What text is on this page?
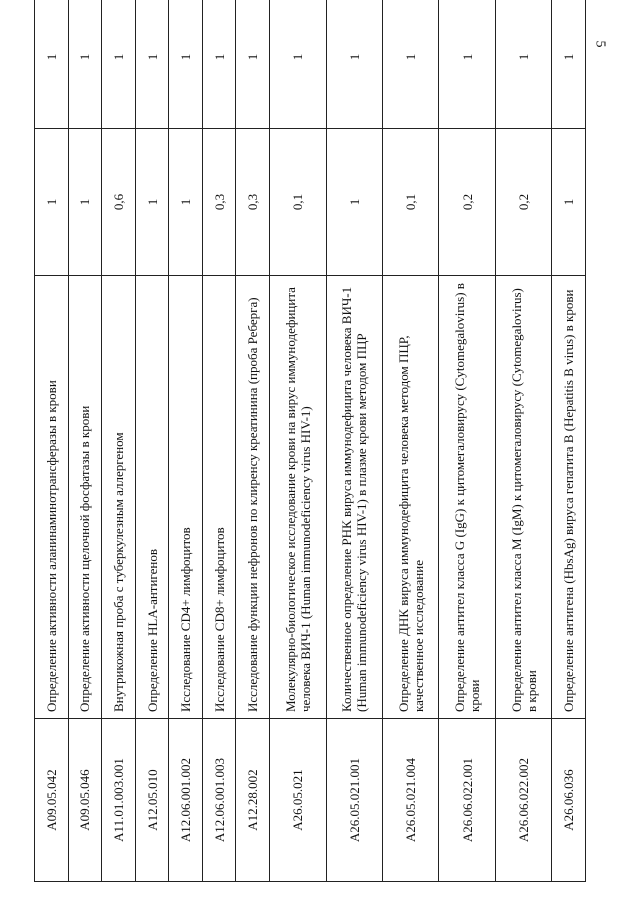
5
A09.05.042	Определение активности аланинаминотрансферазы в крови	1	1
A09.05.046	Определение активности щелочной фосфатазы в крови	1	1
A11.01.003.001	Внутрикожная проба с туберкулезным аллергеном	0,6	1
A12.05.010	Определение HLA-антигенов	1	1
A12.06.001.002	Исследование CD4+ лимфоцитов	1	1
A12.06.001.003	Исследование CD8+ лимфоцитов	0,3	1
A12.28.002	Исследование функции нефронов по клиренсу креатинина (проба Реберга)	0,3	1
A26.05.021	Молекулярно-биологическое исследование крови на вирус иммунодефицита человека ВИЧ-1 (Human immunodeficiency virus HIV-1)	0,1	1
A26.05.021.001	Количественное определение РНК вируса иммунодефицита человека ВИЧ-1 (Human immunodeficiency virus HIV-1) в плазме крови методом ПЦР	1	1
A26.05.021.004	Определение ДНК вируса иммунодефицита человека методом ПЦР, качественное исследование	0,1	1
A26.06.022.001	Определение антител класса G (IgG) к цитомегаловирусу (Cytomegalovirus) в крови	0,2	1
A26.06.022.002	Определение антител класса M (IgM) к цитомегаловирусу (Cytomegalovirus) в крови	0,2	1
A26.06.036	Определение антигена (HbsAg) вируса гепатита B (Hepatitis B virus) в крови	1	1
